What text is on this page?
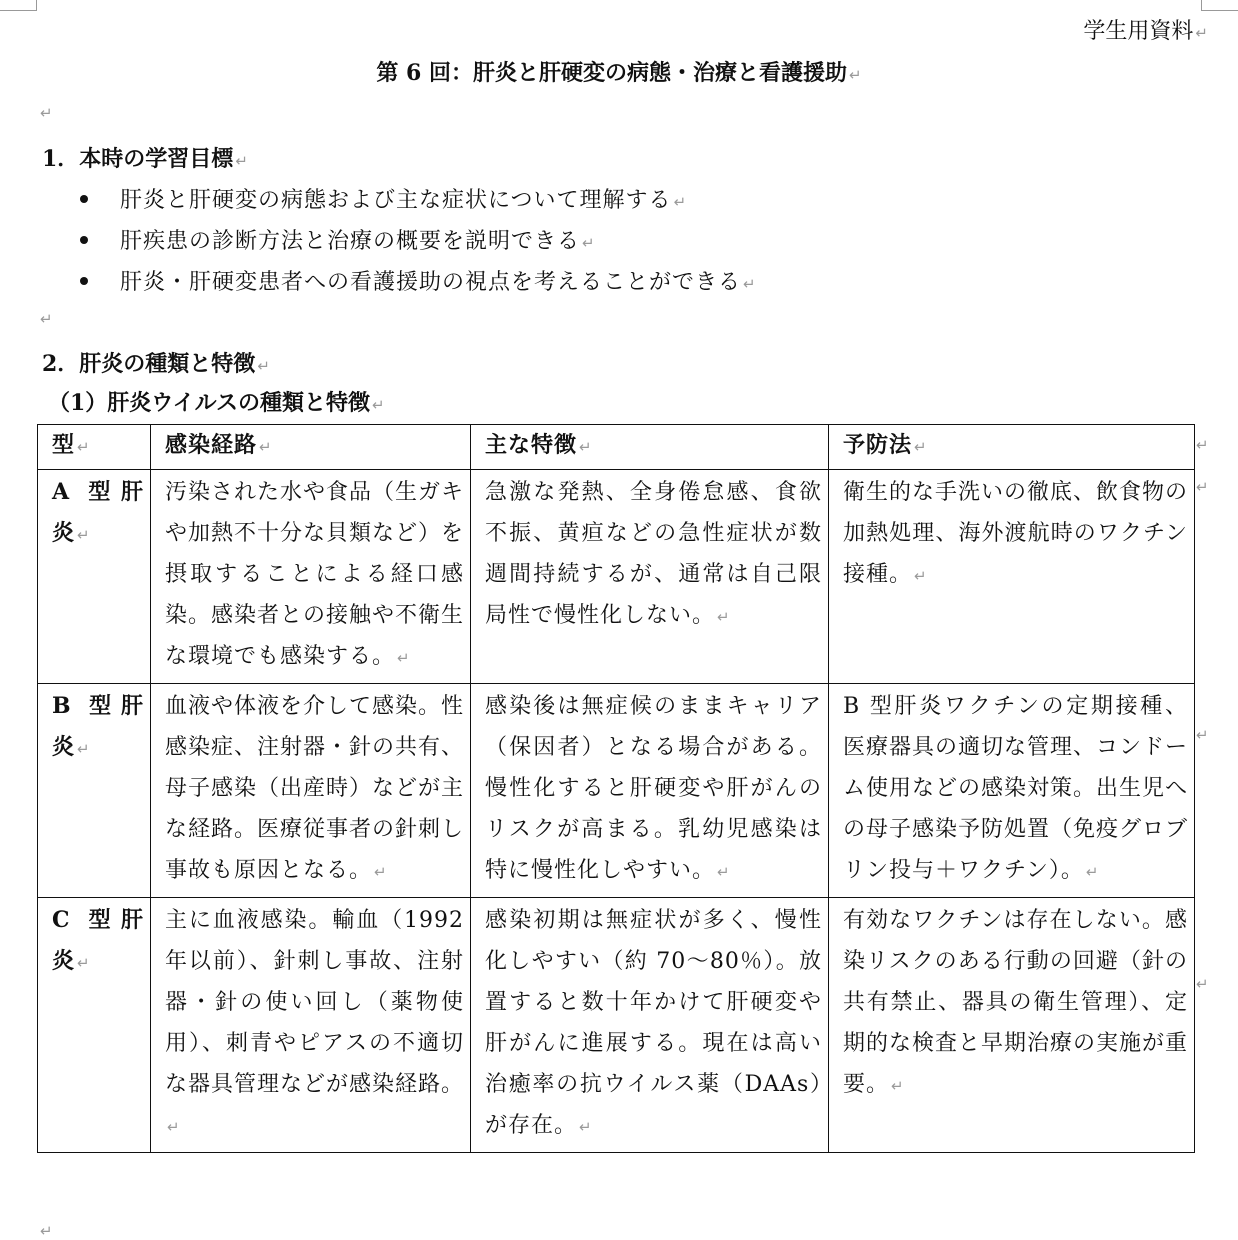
学生用資料 ↵
第 6 回：肝炎と肝硬変の病態・治療と看護援助 ↵
↵
1．本時の学習目標 ↵
肝炎と肝硬変の病態および主な症状について理解する ↵
肝疾患の診断方法と治療の概要を説明できる ↵
肝炎・肝硬変患者への看護援助の視点を考えることができる ↵
↵
2．肝炎の種類と特徴 ↵
（1）肝炎ウイルスの種類と特徴 ↵
型 ↵	感染経路 ↵	主な特徴 ↵	予防法 ↵
A 型肝炎 ↵	汚染された水や食品（生ガキや加熱不十分な貝類など）を摂取することによる経口感染。感染者との接触や不衛生な環境でも感染する。 ↵	急激な発熱、全身倦怠感、食欲不振、黄疸などの急性症状が数週間持続するが、通常は自己限局性で慢性化しない。 ↵	衛生的な手洗いの徹底、飲食物の加熱処理、海外渡航時のワクチン接種。 ↵
B 型肝炎 ↵	血液や体液を介して感染。性感染症、注射器・針の共有、母子感染（出産時）などが主な経路。医療従事者の針刺し事故も原因となる。 ↵	感染後は無症候のままキャリア（保因者）となる場合がある。慢性化すると肝硬変や肝がんのリスクが高まる。乳幼児感染は特に慢性化しやすい。 ↵	B 型肝炎ワクチンの定期接種、医療器具の適切な管理、コンドーム使用などの感染対策。出生児への母子感染予防処置（免疫グロブリン投与＋ワクチン）。 ↵
C 型肝炎 ↵	主に血液感染。輸血（1992 年以前）、針刺し事故、注射器・針の使い回し（薬物使用）、刺青やピアスの不適切な器具管理などが感染経路。↵	感染初期は無症状が多く、慢性化しやすい（約 70～80％）。放置すると数十年かけて肝硬変や肝がんに進展する。現在は高い治癒率の抗ウイルス薬（DAAs）が存在。 ↵	有効なワクチンは存在しない。感染リスクのある行動の回避（針の共有禁止、器具の衛生管理）、定期的な検査と早期治療の実施が重要。 ↵
↵
↵
↵
↵
↵
